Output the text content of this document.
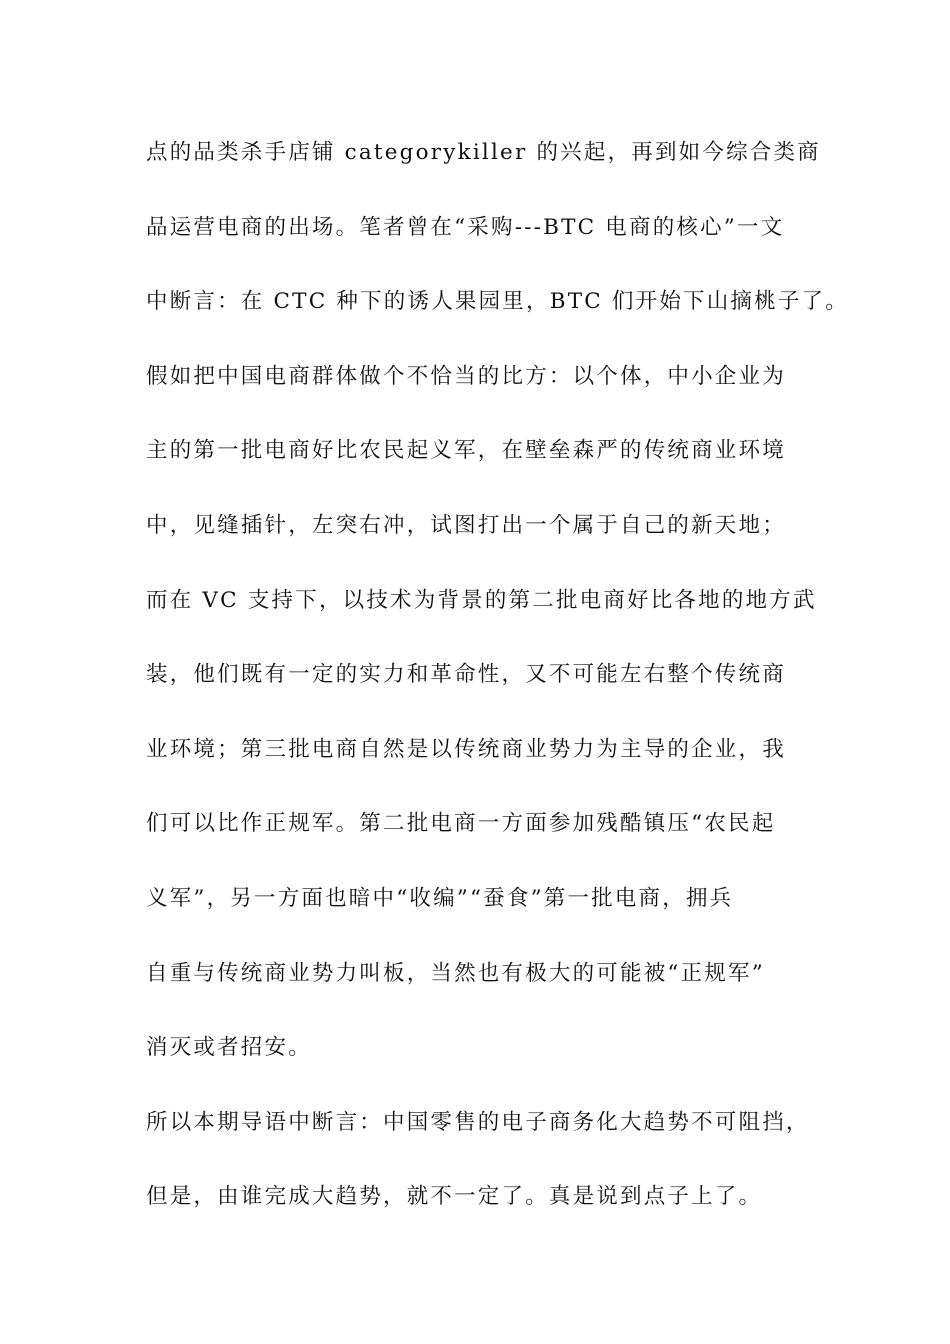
点的品类杀手店铺 categorykiller 的兴起，再到如今综合类商
品运营电商的出场。笔者曾在“采购---BTC 电商的核心”一文
中断言：在 CTC 种下的诱人果园里，BTC 们开始下山摘桃子了。
假如把中国电商群体做个不恰当的比方：以个体，中小企业为
主的第一批电商好比农民起义军，在壁垒森严的传统商业环境
中，见缝插针，左突右冲，试图打出一个属于自己的新天地；
而在 VC 支持下，以技术为背景的第二批电商好比各地的地方武
装，他们既有一定的实力和革命性，又不可能左右整个传统商
业环境；第三批电商自然是以传统商业势力为主导的企业，我
们可以比作正规军。第二批电商一方面参加残酷镇压“农民起
义军”，另一方面也暗中“收编”“蚕食”第一批电商，拥兵
自重与传统商业势力叫板，当然也有极大的可能被“正规军”
消灭或者招安。
所以本期导语中断言：中国零售的电子商务化大趋势不可阻挡，
但是，由谁完成大趋势，就不一定了。真是说到点子上了。
